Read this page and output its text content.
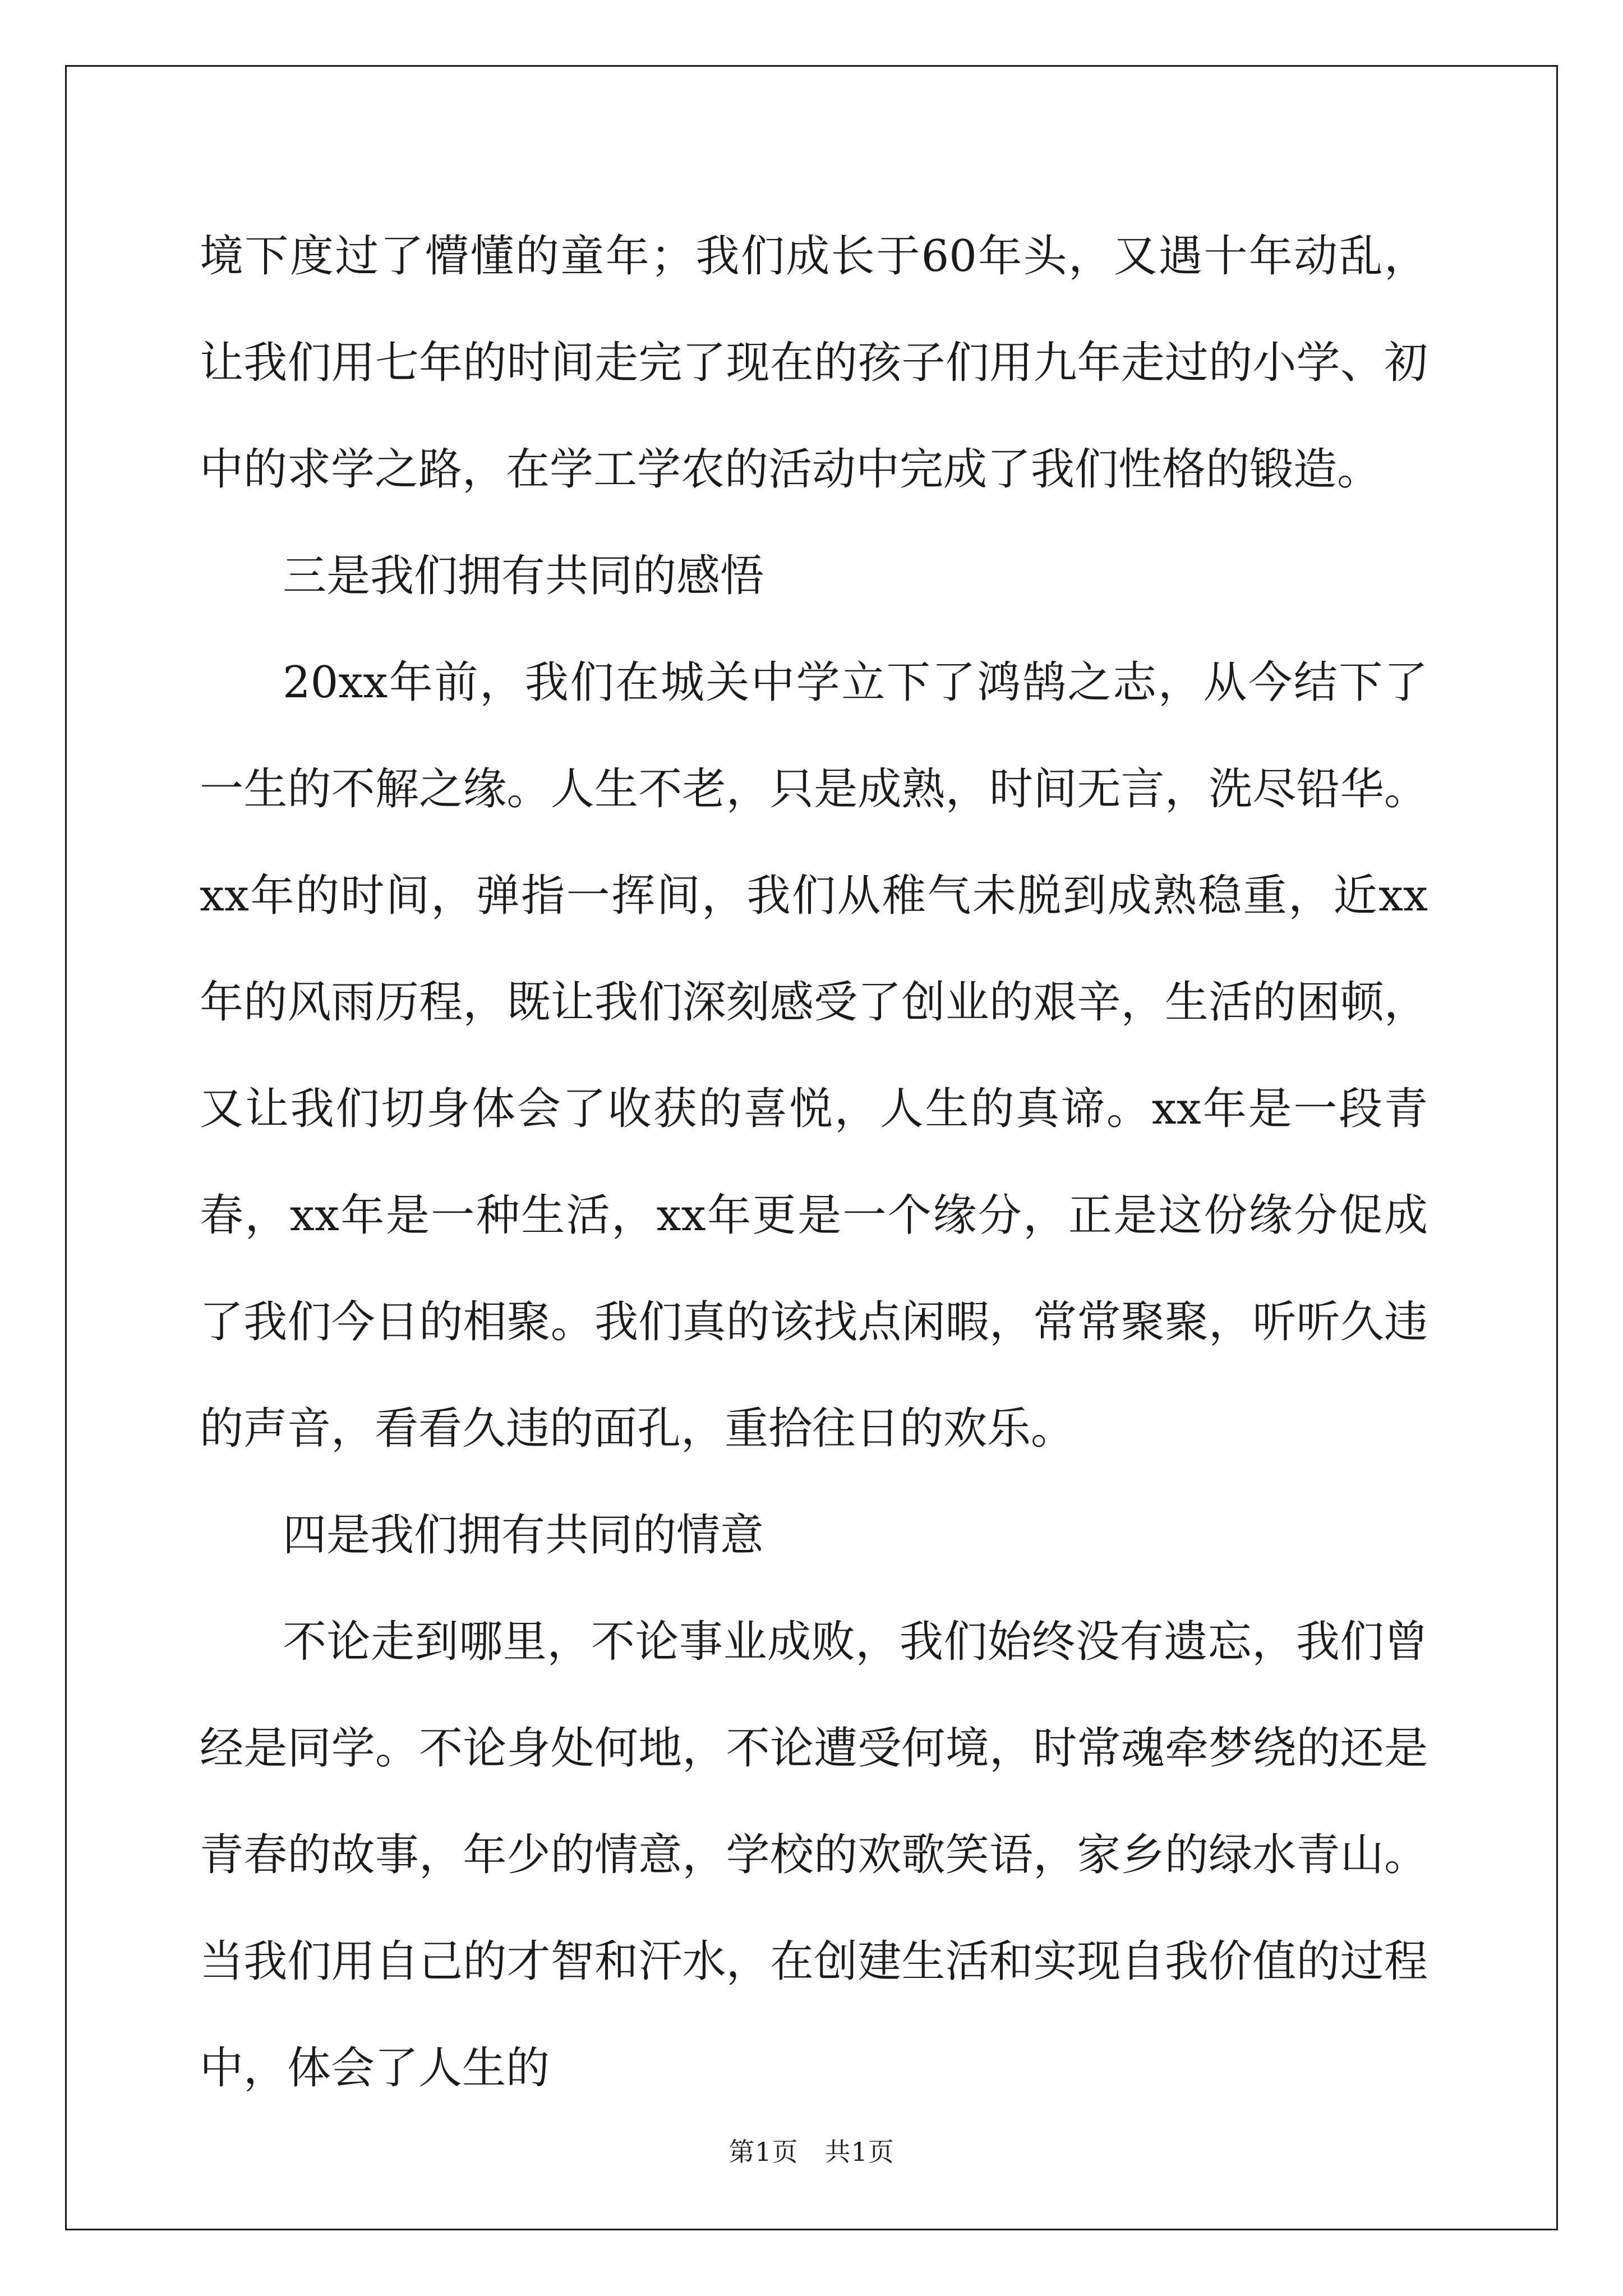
境下度过了懵懂的童年；我们成长于60年头，又遇十年动乱，让我们用七年的时间走完了现在的孩子们用九年走过的小学、初中的求学之路，在学工学农的活动中完成了我们性格的锻造。

三是我们拥有共同的感悟

20xx年前，我们在城关中学立下了鸿鹄之志，从今结下了一生的不解之缘。人生不老，只是成熟，时间无言，洗尽铅华。xx年的时间，弹指一挥间，我们从稚气未脱到成熟稳重，近xx年的风雨历程，既让我们深刻感受了创业的艰辛，生活的困顿，又让我们切身体会了收获的喜悦，人生的真谛。xx年是一段青春，xx年是一种生活，xx年更是一个缘分，正是这份缘分促成了我们今日的相聚。我们真的该找点闲暇，常常聚聚，听听久违的声音，看看久违的面孔，重拾往日的欢乐。

四是我们拥有共同的情意

不论走到哪里，不论事业成败，我们始终没有遗忘，我们曾经是同学。不论身处何地，不论遭受何境，时常魂牵梦绕的还是青春的故事，年少的情意，学校的欢歌笑语，家乡的绿水青山。当我们用自己的才智和汗水，在创建生活和实现自我价值的过程中，体会了人生的

第1页　共1页
